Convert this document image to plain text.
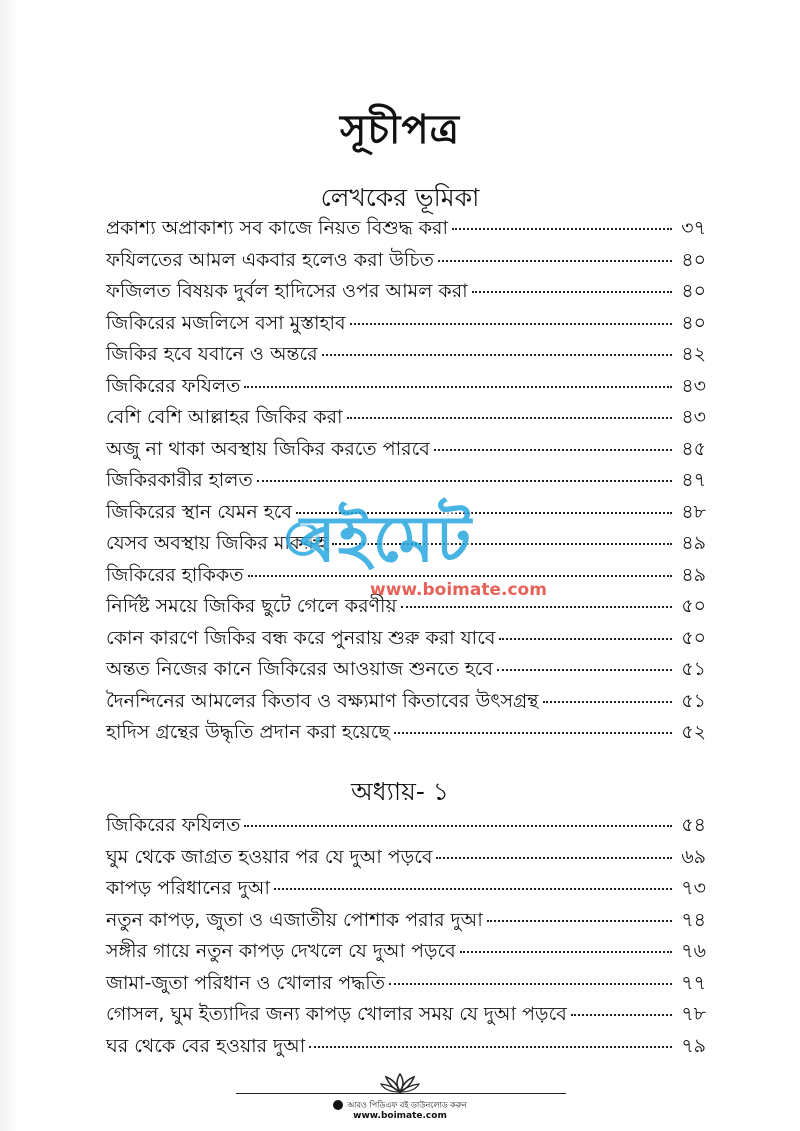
সূচীপত্র
লেখকের ভূমিকা
প্রকাশ্য অপ্রাকাশ্য সব কাজে নিয়ত বিশুদ্ধ করা	৩৭
ফযিলতের আমল একবার হলেও করা উচিত	৪০
ফজিলত বিষয়ক দুর্বল হাদিসের ওপর আমল করা	৪০
জিকিরের মজলিসে বসা মুস্তাহাব	৪০
জিকির হবে যবানে ও অন্তরে	৪২
জিকিরের ফযিলত	৪৩
বেশি বেশি আল্লাহর জিকির করা	৪৩
অজু না থাকা অবস্থায় জিকির করতে পারবে	৪৫
জিকিরকারীর হালত	৪৭
জিকিরের স্থান যেমন হবে	৪৮
যেসব অবস্থায় জিকির মাকরুহ	৪৯
জিকিরের হাকিকত	৪৯
নির্দিষ্ট সময়ে জিকির ছুটে গেলে করণীয়	৫০
কোন কারণে জিকির বন্ধ করে পুনরায় শুরু করা যাবে	৫০
অন্তত নিজের কানে জিকিরের আওয়াজ শুনতে হবে	৫১
দৈনন্দিনের আমলের কিতাব ও বক্ষ্যমাণ কিতাবের উৎসগ্রন্থ	৫১
হাদিস গ্রন্থের উদ্ধৃতি প্রদান করা হয়েছে	৫২
অধ্যায়- ১
জিকিরের ফযিলত	৫৪
ঘুম থেকে জাগ্রত হওয়ার পর যে দুআ পড়বে	৬৯
কাপড় পরিধানের দুআ	৭৩
নতুন কাপড়, জুতা ও এজাতীয় পোশাক পরার দুআ	৭৪
সঙ্গীর গায়ে নতুন কাপড় দেখলে যে দুআ পড়বে	৭৬
জামা-জুতা পরিধান ও খোলার পদ্ধতি	৭৭
গোসল, ঘুম ইত্যাদির জন্য কাপড় খোলার সময় যে দুআ পড়বে	৭৮
ঘর থেকে বের হওয়ার দুআ	৭৯
বইমেট
www.boimate.com
আরও পিডিএফ বই ডাউনলোড করুন
www.boimate.com
